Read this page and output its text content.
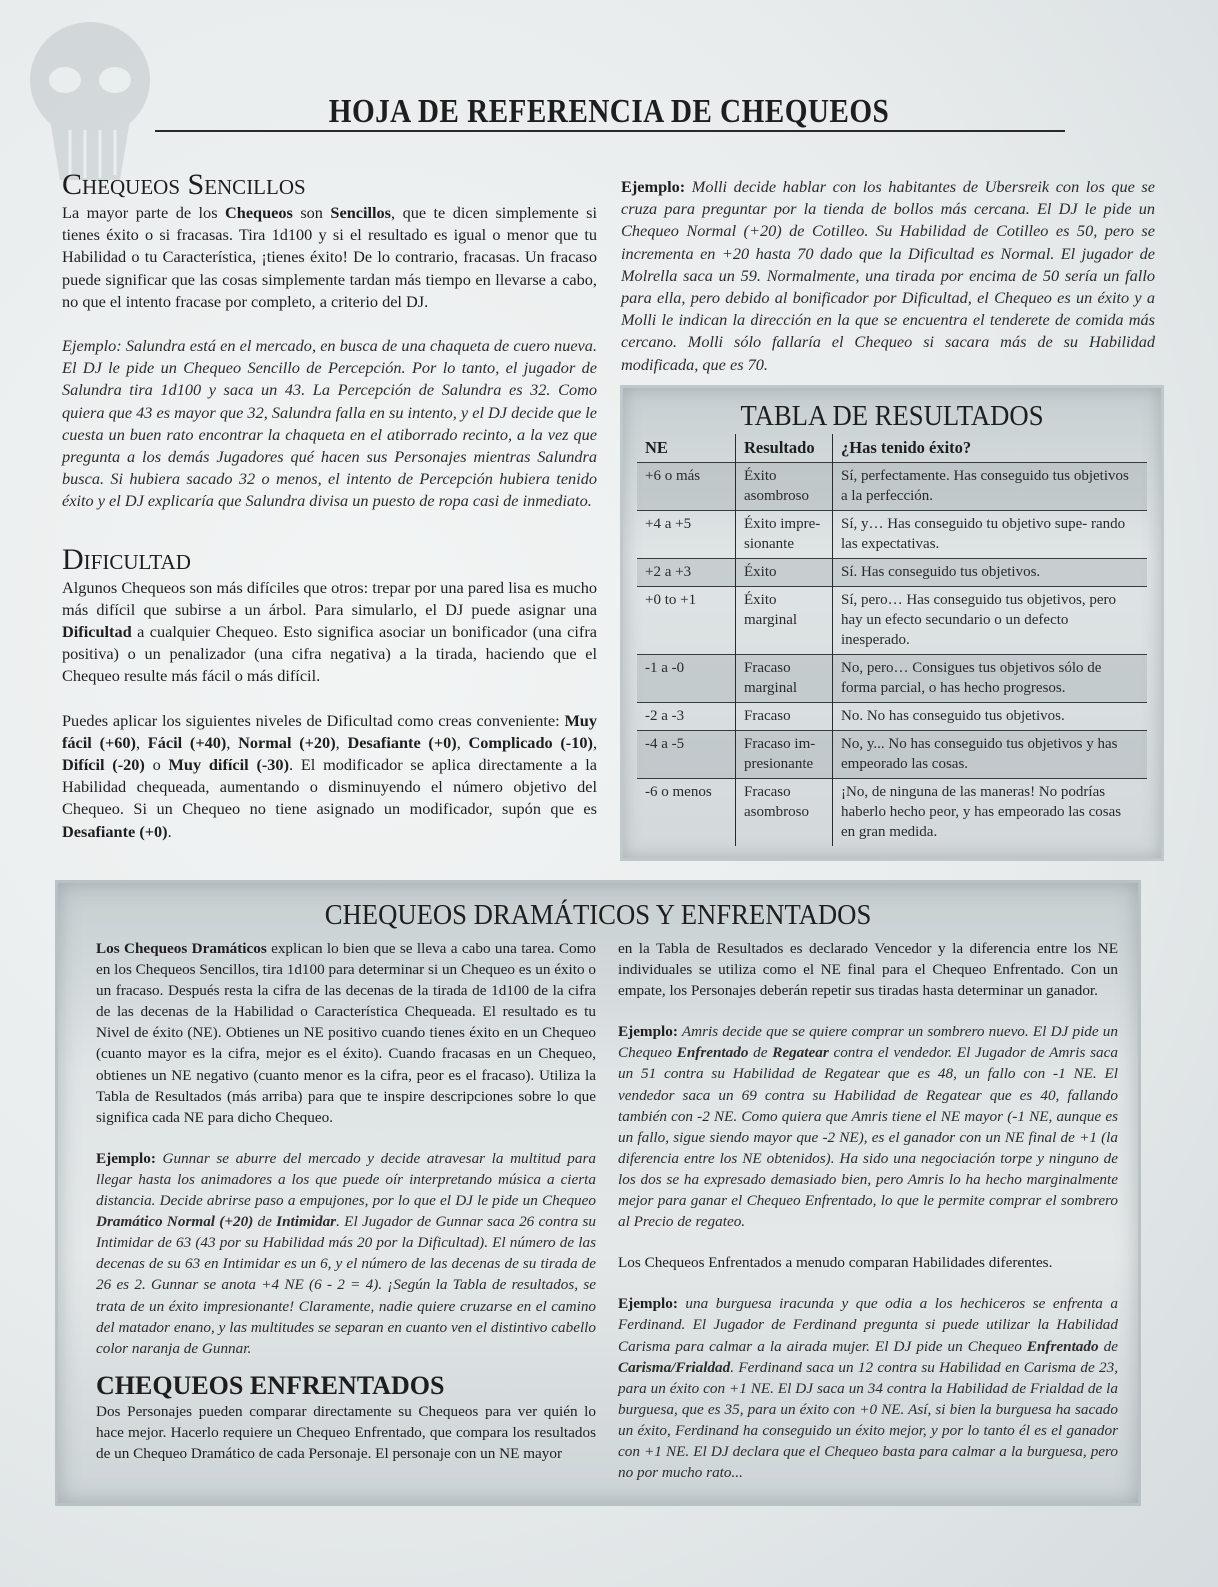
HOJA DE REFERENCIA DE CHEQUEOS
Chequeos Sencillos

La mayor parte de los Chequeos son Sencillos, que te dicen simplemente si tienes éxito o si fracasas. Tira 1d100 y si el resultado es igual o menor que tu Habilidad o tu Característica, ¡tienes éxito! De lo contrario, fracasas. Un fracaso puede significar que las cosas simplemente tardan más tiempo en llevarse a cabo, no que el intento fracase por completo, a criterio del DJ.

Ejemplo: Salundra está en el mercado, en busca de una chaqueta de cuero nueva. El DJ le pide un Chequeo Sencillo de Percepción. Por lo tanto, el jugador de Salundra tira 1d100 y saca un 43. La Percepción de Salundra es 32. Como quiera que 43 es mayor que 32, Salundra falla en su intento, y el DJ decide que le cuesta un buen rato encontrar la chaqueta en el atiborrado recinto, a la vez que pregunta a los demás Jugadores qué hacen sus Personajes mientras Salundra busca. Si hubiera sacado 32 o menos, el intento de Percepción hubiera tenido éxito y el DJ explicaría que Salundra divisa un puesto de ropa casi de inmediato.

Dificultad

Algunos Chequeos son más difíciles que otros: trepar por una pared lisa es mucho más difícil que subirse a un árbol. Para simularlo, el DJ puede asignar una Dificultad a cualquier Chequeo. Esto significa asociar un bonificador (una cifra positiva) o un penalizador (una cifra negativa) a la tirada, haciendo que el Chequeo resulte más fácil o más difícil.

Puedes aplicar los siguientes niveles de Dificultad como creas conveniente: Muy fácil (+60), Fácil (+40), Normal (+20), Desafiante (+0), Complicado (-10), Difícil (-20) o Muy difícil (-30). El modificador se aplica directamente a la Habilidad chequeada, aumentando o disminuyendo el número objetivo del Chequeo. Si un Chequeo no tiene asignado un modificador, supón que es Desafiante (+0).

Ejemplo: Molli decide hablar con los habitantes de Ubersreik con los que se cruza para preguntar por la tienda de bollos más cercana. El DJ le pide un Chequeo Normal (+20) de Cotilleo. Su Habilidad de Cotilleo es 50, pero se incrementa en +20 hasta 70 dado que la Dificultad es Normal. El jugador de Molrella saca un 59. Normalmente, una tirada por encima de 50 sería un fallo para ella, pero debido al bonificador por Dificultad, el Chequeo es un éxito y a Molli le indican la dirección en la que se encuentra el tenderete de comida más cercano. Molli sólo fallaría el Chequeo si sacara más de su Habilidad modificada, que es 70.

TABLA DE RESULTADOS
NE	Resultado	¿Has tenido éxito?
+6 o más	Éxito asombroso	Sí, perfectamente. Has conseguido tus objetivos a la perfección.
+4 a +5	Éxito impre- sionante	Sí, y… Has conseguido tu objetivo supe- rando las expectativas.
+2 a +3	Éxito	Sí. Has conseguido tus objetivos.
+0 to +1	Éxito marginal	Sí, pero… Has conseguido tus objetivos, pero hay un efecto secundario o un defecto inesperado.
-1 a -0	Fracaso marginal	No, pero… Consigues tus objetivos sólo de forma parcial, o has hecho progresos.
-2 a -3	Fracaso	No. No has conseguido tus objetivos.
-4 a -5	Fracaso im- presionante	No, y... No has conseguido tus objetivos y has empeorado las cosas.
-6 o menos	Fracaso asombroso	¡No, de ninguna de las maneras! No podrías haberlo hecho peor, y has empeorado las cosas en gran medida.
CHEQUEOS DRAMÁTICOS Y ENFRENTADOS

Los Chequeos Dramáticos explican lo bien que se lleva a cabo una tarea. Como en los Chequeos Sencillos, tira 1d100 para determinar si un Chequeo es un éxito o un fracaso. Después resta la cifra de las decenas de la tirada de 1d100 de la cifra de las decenas de la Habilidad o Característica Chequeada. El resultado es tu Nivel de éxito (NE). Obtienes un NE positivo cuando tienes éxito en un Chequeo (cuanto mayor es la cifra, mejor es el éxito). Cuando fracasas en un Chequeo, obtienes un NE negativo (cuanto menor es la cifra, peor es el fracaso). Utiliza la Tabla de Resultados (más arriba) para que te inspire descripciones sobre lo que significa cada NE para dicho Chequeo.

Ejemplo: Gunnar se aburre del mercado y decide atravesar la multitud para llegar hasta los animadores a los que puede oír interpretando música a cierta distancia. Decide abrirse paso a empujones, por lo que el DJ le pide un Chequeo Dramático Normal (+20) de Intimidar. El Jugador de Gunnar saca 26 contra su Intimidar de 63 (43 por su Habilidad más 20 por la Dificultad). El número de las decenas de su 63 en Intimidar es un 6, y el número de las decenas de su tirada de 26 es 2. Gunnar se anota +4 NE (6 - 2 = 4). ¡Según la Tabla de resultados, se trata de un éxito impresionante! Claramente, nadie quiere cruzarse en el camino del matador enano, y las multitudes se separan en cuanto ven el distintivo cabello color naranja de Gunnar.

CHEQUEOS ENFRENTADOS

Dos Personajes pueden comparar directamente su Chequeos para ver quién lo hace mejor. Hacerlo requiere un Chequeo Enfrentado, que compara los resultados de un Chequeo Dramático de cada Personaje. El personaje con un NE mayor

en la Tabla de Resultados es declarado Vencedor y la diferencia entre los NE individuales se utiliza como el NE final para el Chequeo Enfrentado. Con un empate, los Personajes deberán repetir sus tiradas hasta determinar un ganador.

Ejemplo: Amris decide que se quiere comprar un sombrero nuevo. El DJ pide un Chequeo Enfrentado de Regatear contra el vendedor. El Jugador de Amris saca un 51 contra su Habilidad de Regatear que es 48, un fallo con -1 NE. El vendedor saca un 69 contra su Habilidad de Regatear que es 40, fallando también con -2 NE. Como quiera que Amris tiene el NE mayor (-1 NE, aunque es un fallo, sigue siendo mayor que -2 NE), es el ganador con un NE final de +1 (la diferencia entre los NE obtenidos). Ha sido una negociación torpe y ninguno de los dos se ha expresado demasiado bien, pero Amris lo ha hecho marginalmente mejor para ganar el Chequeo Enfrentado, lo que le permite comprar el sombrero al Precio de regateo.

Los Chequeos Enfrentados a menudo comparan Habilidades diferentes.

Ejemplo: una burguesa iracunda y que odia a los hechiceros se enfrenta a Ferdinand. El Jugador de Ferdinand pregunta si puede utilizar la Habilidad Carisma para calmar a la airada mujer. El DJ pide un Chequeo Enfrentado de Carisma/Frialdad. Ferdinand saca un 12 contra su Habilidad en Carisma de 23, para un éxito con +1 NE. El DJ saca un 34 contra la Habilidad de Frialdad de la burguesa, que es 35, para un éxito con +0 NE. Así, si bien la burguesa ha sacado un éxito, Ferdinand ha conseguido un éxito mejor, y por lo tanto él es el ganador con +1 NE. El DJ declara que el Chequeo basta para calmar a la burguesa, pero no por mucho rato...
